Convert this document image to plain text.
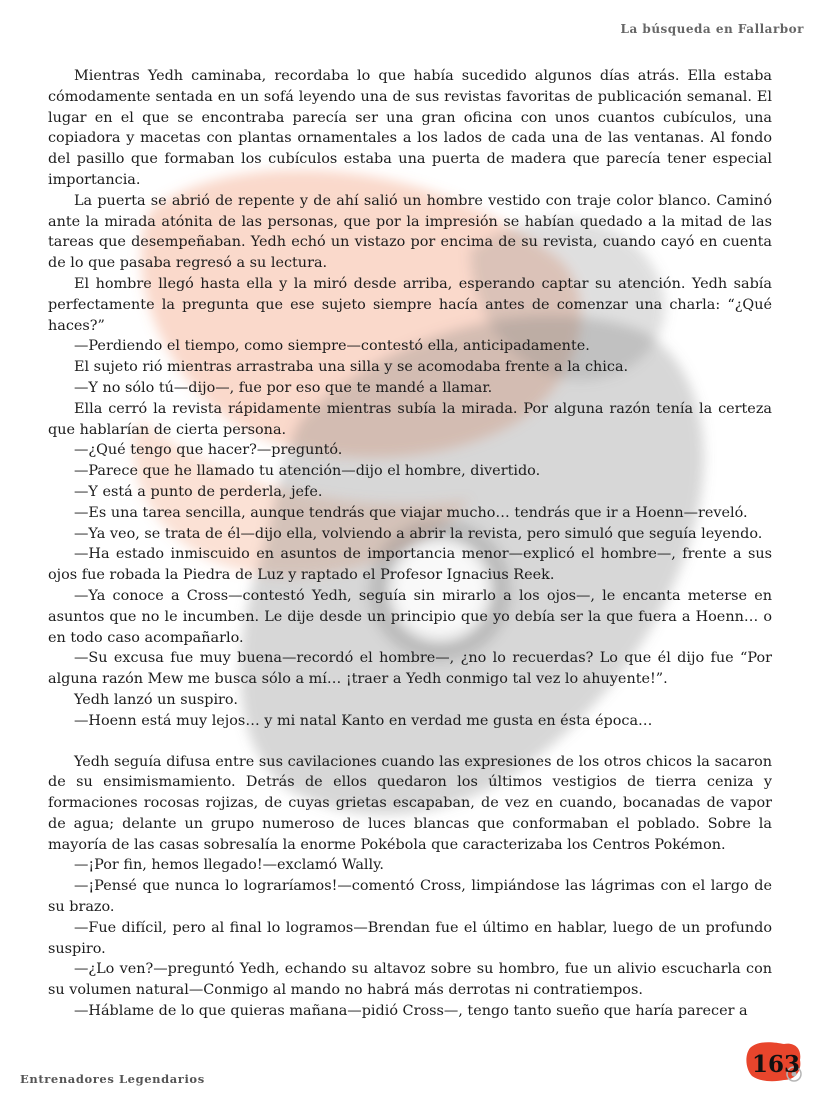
La búsqueda en Fallarbor

Mientras Yedh caminaba, recordaba lo que había sucedido algunos días atrás. Ella estaba cómodamente sentada en un sofá leyendo una de sus revistas favoritas de publicación semanal. El lugar en el que se encontraba parecía ser una gran oficina con unos cuantos cubículos, una copiadora y macetas con plantas ornamentales a los lados de cada una de las ventanas. Al fondo del pasillo que formaban los cubículos estaba una puerta de madera que parecía tener especial importancia.

La puerta se abrió de repente y de ahí salió un hombre vestido con traje color blanco. Caminó ante la mirada atónita de las personas, que por la impresión se habían quedado a la mitad de las tareas que desempeñaban. Yedh echó un vistazo por encima de su revista, cuando cayó en cuenta de lo que pasaba regresó a su lectura.

El hombre llegó hasta ella y la miró desde arriba, esperando captar su atención. Yedh sabía perfectamente la pregunta que ese sujeto siempre hacía antes de comenzar una charla: “¿Qué haces?”

—Perdiendo el tiempo, como siempre—contestó ella, anticipadamente.

El sujeto rió mientras arrastraba una silla y se acomodaba frente a la chica.

—Y no sólo tú—dijo—, fue por eso que te mandé a llamar.

Ella cerró la revista rápidamente mientras subía la mirada. Por alguna razón tenía la certeza que hablarían de cierta persona.

—¿Qué tengo que hacer?—preguntó.

—Parece que he llamado tu atención—dijo el hombre, divertido.

—Y está a punto de perderla, jefe.

—Es una tarea sencilla, aunque tendrás que viajar mucho… tendrás que ir a Hoenn—reveló.

—Ya veo, se trata de él—dijo ella, volviendo a abrir la revista, pero simuló que seguía leyendo.

—Ha estado inmiscuido en asuntos de importancia menor—explicó el hombre—, frente a sus ojos fue robada la Piedra de Luz y raptado el Profesor Ignacius Reek.

—Ya conoce a Cross—contestó Yedh, seguía sin mirarlo a los ojos—, le encanta meterse en asuntos que no le incumben. Le dije desde un principio que yo debía ser la que fuera a Hoenn… o en todo caso acompañarlo.

—Su excusa fue muy buena—recordó el hombre—, ¿no lo recuerdas? Lo que él dijo fue “Por alguna razón Mew me busca sólo a mí… ¡traer a Yedh conmigo tal vez lo ahuyente!”.

Yedh lanzó un suspiro.

—Hoenn está muy lejos… y mi natal Kanto en verdad me gusta en ésta época…

Yedh seguía difusa entre sus cavilaciones cuando las expresiones de los otros chicos la sacaron de su ensimismamiento. Detrás de ellos quedaron los últimos vestigios de tierra ceniza y formaciones rocosas rojizas, de cuyas grietas escapaban, de vez en cuando, bocanadas de vapor de agua; delante un grupo numeroso de luces blancas que conformaban el poblado. Sobre la mayoría de las casas sobresalía la enorme Pokébola que caracterizaba los Centros Pokémon.

—¡Por fin, hemos llegado!—exclamó Wally.

—¡Pensé que nunca lo lograríamos!—comentó Cross, limpiándose las lágrimas con el largo de su brazo.

—Fue difícil, pero al final lo logramos—Brendan fue el último en hablar, luego de un profundo suspiro.

—¿Lo ven?—preguntó Yedh, echando su altavoz sobre su hombro, fue un alivio escucharla con su volumen natural—Conmigo al mando no habrá más derrotas ni contratiempos.

—Háblame de lo que quieras mañana—pidió Cross—, tengo tanto sueño que haría parecer a

Entrenadores Legendarios
163
